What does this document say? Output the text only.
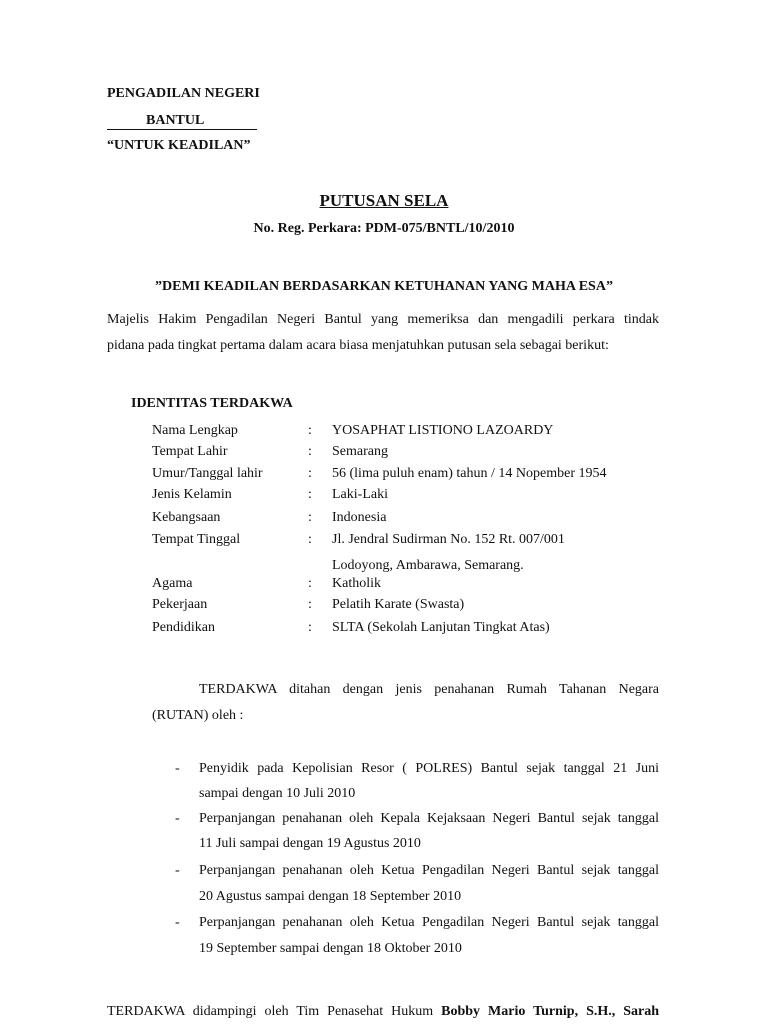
PENGADILAN NEGERI
BANTUL
“UNTUK KEADILAN”
PUTUSAN SELA
No. Reg. Perkara: PDM-075/BNTL/10/2010
”DEMI KEADILAN BERDASARKAN KETUHANAN YANG MAHA ESA”
Majelis Hakim Pengadilan Negeri Bantul yang memeriksa dan mengadili perkara tindak
pidana pada tingkat pertama dalam acara biasa menjatuhkan putusan sela sebagai berikut:
IDENTITAS TERDAKWA
Nama Lengkap	: YOSAPHAT LISTIONO LAZOARDY
Tempat Lahir	: Semarang
Umur/Tanggal lahir	: 56 (lima puluh enam) tahun / 14 Nopember 1954
Jenis Kelamin	: Laki-Laki
Kebangsaan	: Indonesia
Tempat Tinggal	: Jl. Jendral Sudirman No. 152 Rt. 007/001
Lodoyong, Ambarawa, Semarang.
Agama	: Katholik
Pekerjaan	: Pelatih Karate (Swasta)
Pendidikan	: SLTA (Sekolah Lanjutan Tingkat Atas)
TERDAKWA ditahan dengan jenis penahanan Rumah Tahanan Negara
(RUTAN) oleh :
- Penyidik pada Kepolisian Resor ( POLRES) Bantul sejak tanggal 21 Juni
sampai dengan 10 Juli 2010
- Perpanjangan penahanan oleh Kepala Kejaksaan Negeri Bantul sejak tanggal
11 Juli sampai dengan 19 Agustus 2010
- Perpanjangan penahanan oleh Ketua Pengadilan Negeri Bantul sejak tanggal
20 Agustus sampai dengan 18 September 2010
- Perpanjangan penahanan oleh Ketua Pengadilan Negeri Bantul sejak tanggal
19 September sampai dengan 18 Oktober 2010
TERDAKWA didampingi oleh Tim Penasehat Hukum Bobby Mario Turnip, S.H., Sarah
